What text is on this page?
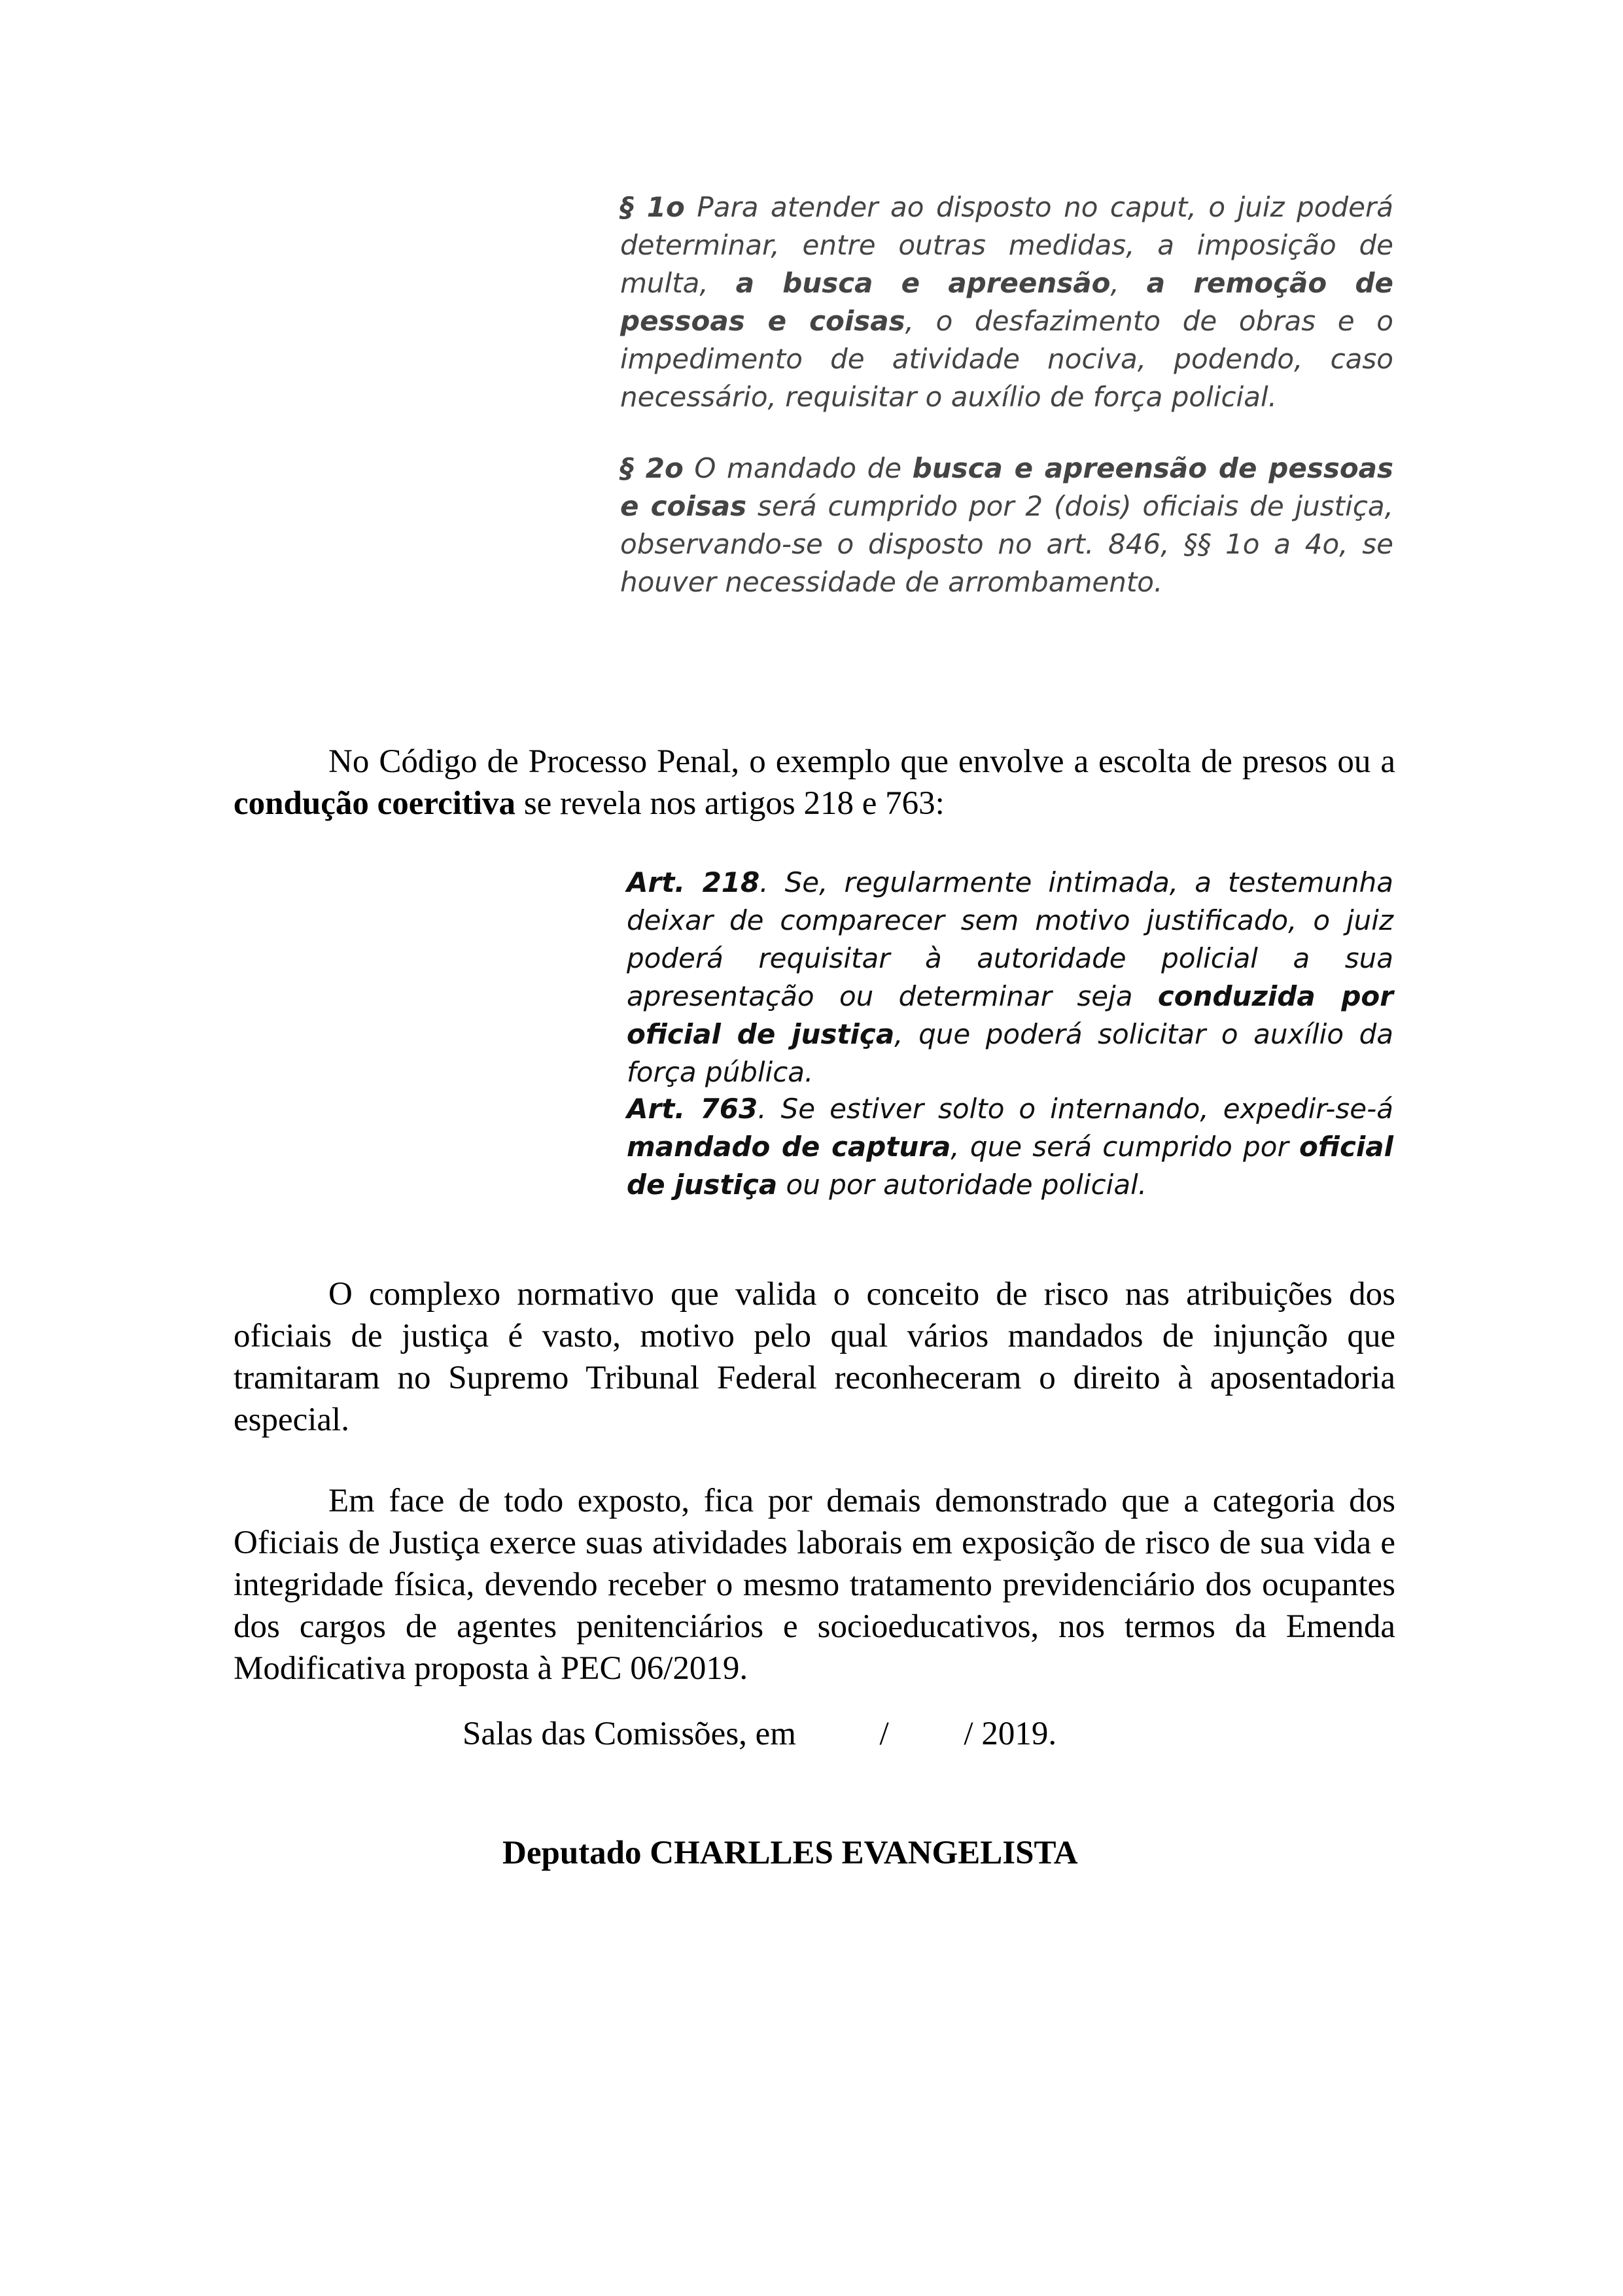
§ 1o Para atender ao disposto no caput, o juiz poderá determinar, entre outras medidas, a imposição de multa, a busca e apreensão, a remoção de pessoas e coisas, o desfazimento de obras e o impedimento de atividade nociva, podendo, caso necessário, requisitar o auxílio de força policial.

§ 2o O mandado de busca e apreensão de pessoas e coisas será cumprido por 2 (dois) oficiais de justiça, observando-se o disposto no art. 846, §§ 1o a 4o, se houver necessidade de arrombamento.

No Código de Processo Penal, o exemplo que envolve a escolta de presos ou a condução coercitiva se revela nos artigos 218 e 763:

Art. 218. Se, regularmente intimada, a testemunha deixar de comparecer sem motivo justificado, o juiz poderá requisitar à autoridade policial a sua apresentação ou determinar seja conduzida por oficial de justiça, que poderá solicitar o auxílio da força pública.

Art. 763. Se estiver solto o internando, expedir-se-á mandado de captura, que será cumprido por oficial de justiça ou por autoridade policial.

O complexo normativo que valida o conceito de risco nas atribuições dos oficiais de justiça é vasto, motivo pelo qual vários mandados de injunção que tramitaram no Supremo Tribunal Federal reconheceram o direito à aposentadoria especial.

Em face de todo exposto, fica por demais demonstrado que a categoria dos Oficiais de Justiça exerce suas atividades laborais em exposição de risco de sua vida e integridade física, devendo receber o mesmo tratamento previdenciário dos ocupantes dos cargos de agentes penitenciários e socioeducativos, nos termos da Emenda Modificativa proposta à PEC 06/2019.

Salas das Comissões, em          /         / 2019.

Deputado CHARLLES EVANGELISTA
